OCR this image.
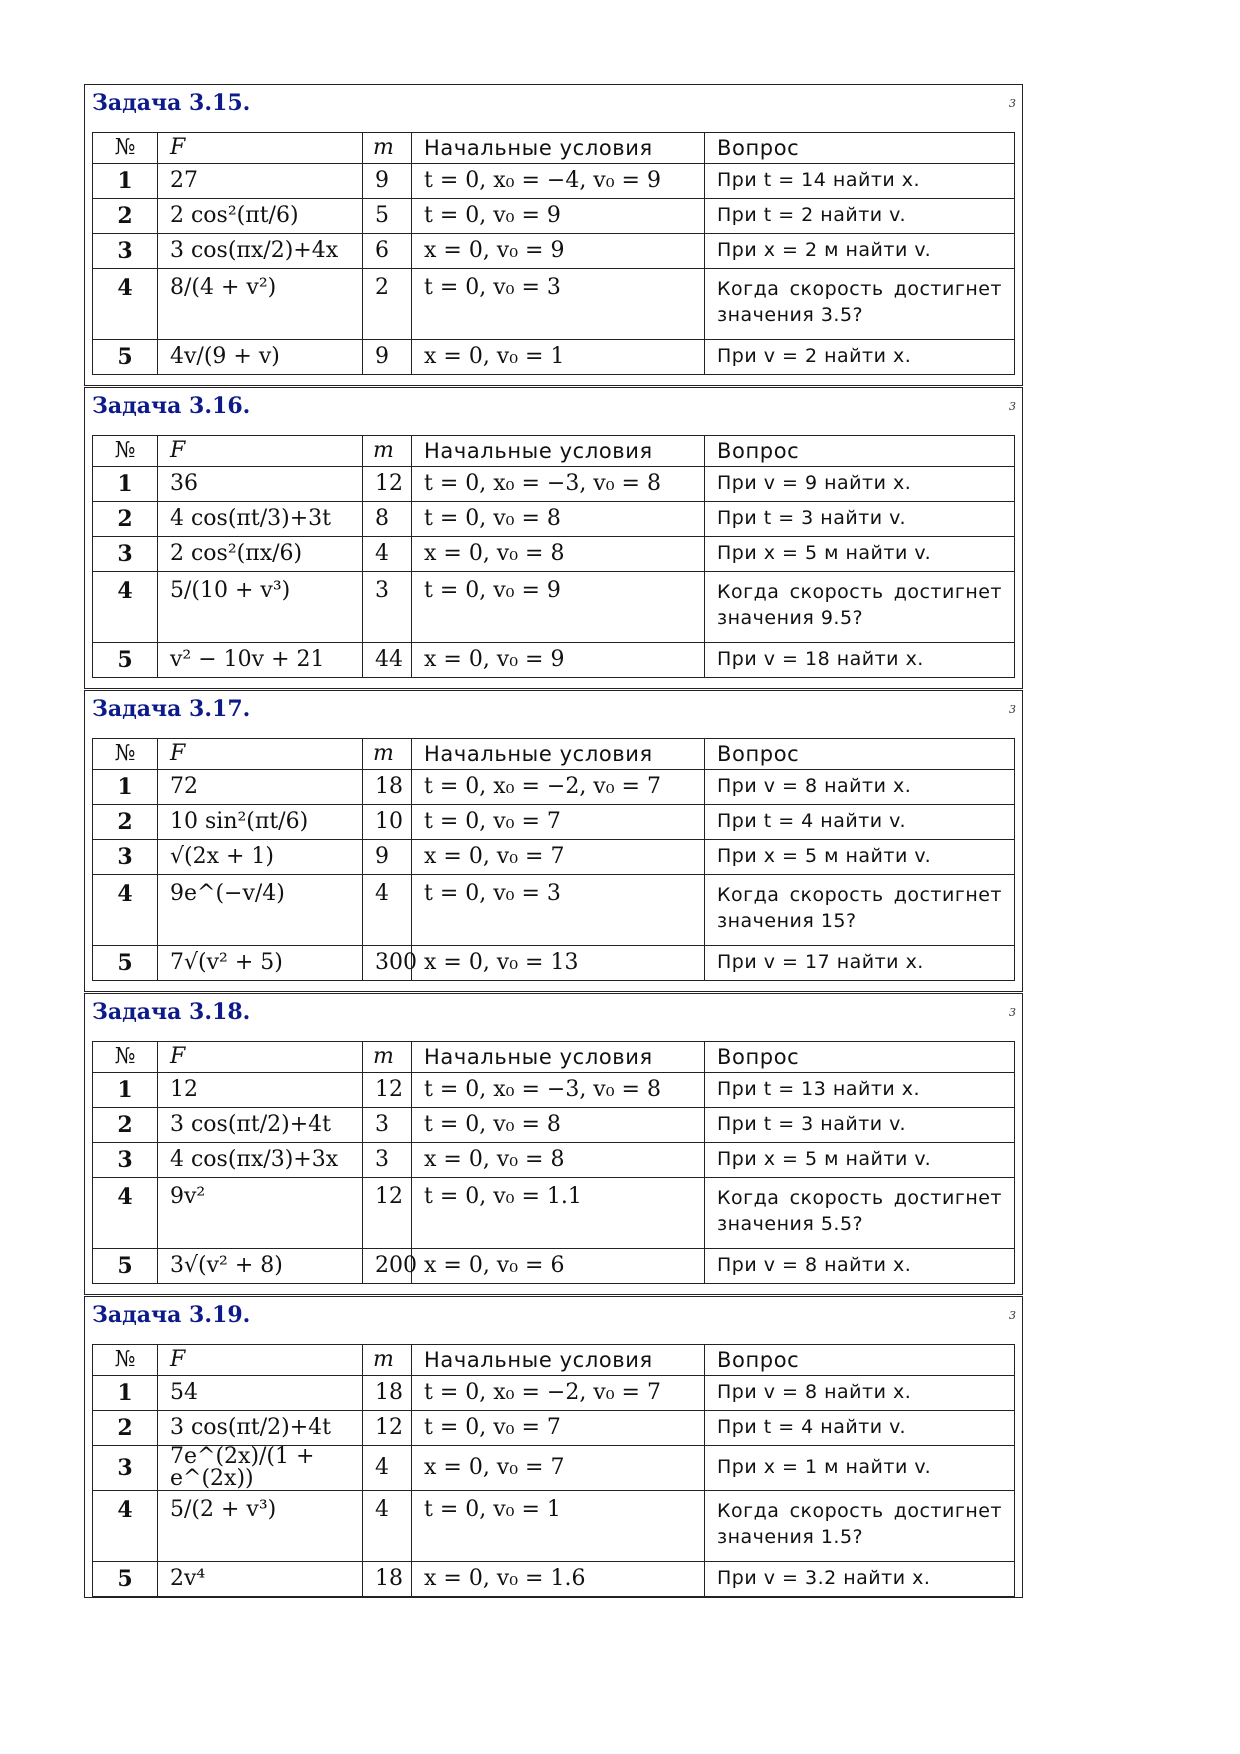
Задача 3.15.	3
№	F	m	Начальные условия	Вопрос
1	27	9	t = 0, x₀ = −4, v₀ = 9	При t = 14 найти x.

2	2 cos²(πt/6)	5	t = 0, v₀ = 9	При t = 2 найти v.

3	3 cos(πx/2)+4x	6	x = 0, v₀ = 9	При x = 2 м найти v.

4	8/(4 + v²)	2	t = 0, v₀ = 3	Когда скорость достигнет значения 3.5?

5	4v/(9 + v)	9	x = 0, v₀ = 1	При v = 2 найти x.
Задача 3.16.	3
№	F	m	Начальные условия	Вопрос
1	36	12	t = 0, x₀ = −3, v₀ = 8	При v = 9 найти x.

2	4 cos(πt/3)+3t	8	t = 0, v₀ = 8	При t = 3 найти v.

3	2 cos²(πx/6)	4	x = 0, v₀ = 8	При x = 5 м найти v.

4	5/(10 + v³)	3	t = 0, v₀ = 9	Когда скорость достигнет значения 9.5?

5	v² − 10v + 21	44	x = 0, v₀ = 9	При v = 18 найти x.
Задача 3.17.	3
№	F	m	Начальные условия	Вопрос
1	72	18	t = 0, x₀ = −2, v₀ = 7	При v = 8 найти x.

2	10 sin²(πt/6)	10	t = 0, v₀ = 7	При t = 4 найти v.

3	√(2x + 1)	9	x = 0, v₀ = 7	При x = 5 м найти v.

4	9e^(−v/4)	4	t = 0, v₀ = 3	Когда скорость достигнет значения 15?

5	7√(v² + 5)	300	x = 0, v₀ = 13	При v = 17 найти x.
Задача 3.18.	3
№	F	m	Начальные условия	Вопрос
1	12	12	t = 0, x₀ = −3, v₀ = 8	При t = 13 найти x.

2	3 cos(πt/2)+4t	3	t = 0, v₀ = 8	При t = 3 найти v.

3	4 cos(πx/3)+3x	3	x = 0, v₀ = 8	При x = 5 м найти v.

4	9v²	12	t = 0, v₀ = 1.1	Когда скорость достигнет значения 5.5?

5	3√(v² + 8)	200	x = 0, v₀ = 6	При v = 8 найти x.
Задача 3.19.	3
№	F	m	Начальные условия	Вопрос
1	54	18	t = 0, x₀ = −2, v₀ = 7	При v = 8 найти x.

2	3 cos(πt/2)+4t	12	t = 0, v₀ = 7	При t = 4 найти v.

3	7e^(2x)/(1 + e^(2x))	4	x = 0, v₀ = 7	При x = 1 м найти v.

4	5/(2 + v³)	4	t = 0, v₀ = 1	Когда скорость достигнет значения 1.5?

5	2v⁴	18	x = 0, v₀ = 1.6	При v = 3.2 найти x.
